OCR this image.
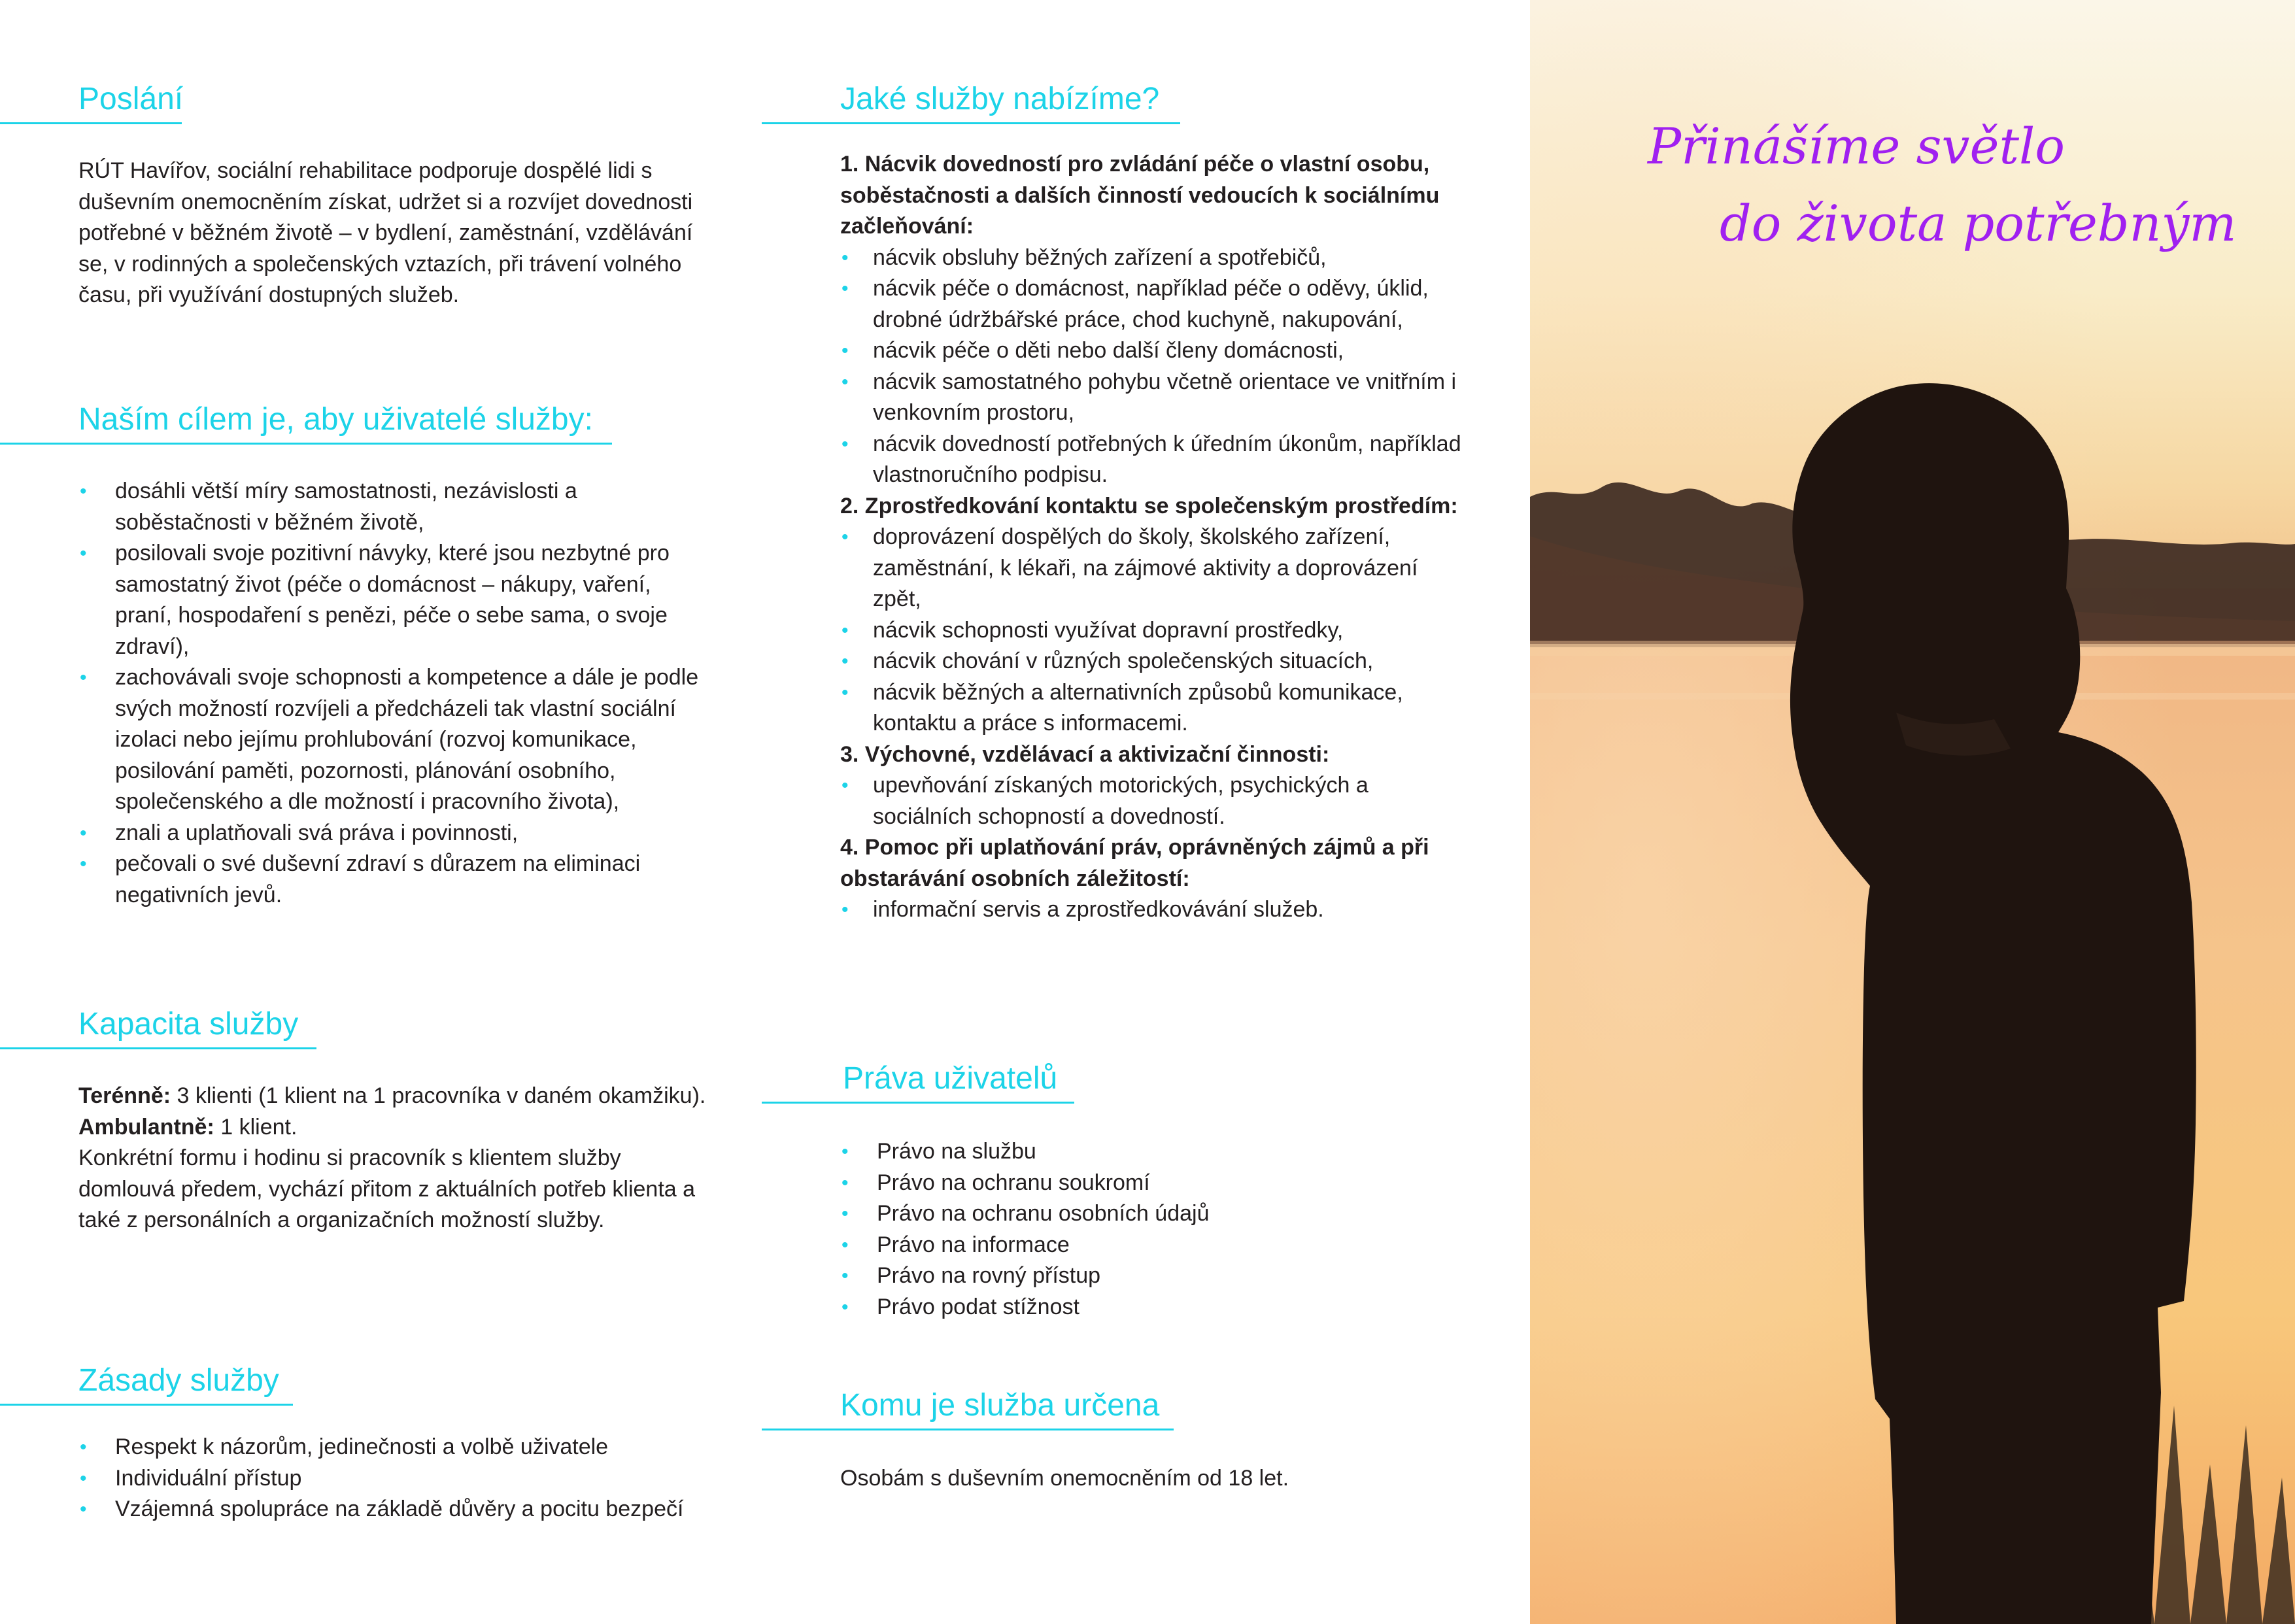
Poslání

RÚT Havířov, sociální rehabilitace podporuje dospělé lidi s duševním onemocněním získat, udržet si a rozvíjet dovednosti potřebné v běžném životě – v bydlení, zaměstnání, vzdělávání se, v rodinných a společenských vztazích, při trávení volného času, při využívání dostupných služeb.

Naším cílem je, aby uživatelé služby:
• dosáhli větší míry samostatnosti, nezávislosti a soběstačnosti v běžném životě,
• posilovali svoje pozitivní návyky, které jsou nezbytné pro samostatný život (péče o domácnost – nákupy, vaření, praní, hospodaření s penězi, péče o sebe sama, o svoje zdraví),
• zachovávali svoje schopnosti a kompetence a dále je podle svých možností rozvíjeli a předcházeli tak vlastní sociální izolaci nebo jejímu prohlubování (rozvoj komunikace, posilování paměti, pozornosti, plánování osobního, společenského a dle možností i pracovního života),
• znali a uplatňovali svá práva i povinnosti,
• pečovali o své duševní zdraví s důrazem na eliminaci negativních jevů.
Kapacita služby

Terénně: 3 klienti (1 klient na 1 pracovníka v daném okamžiku).

Ambulantně: 1 klient.

Konkrétní formu i hodinu si pracovník s klientem služby domlouvá předem, vychází přitom z aktuálních potřeb klienta a také z personálních a organizačních možností služby.

Zásady služby
• Respekt k názorům, jedinečnosti a volbě uživatele
• Individuální přístup
• Vzájemná spolupráce na základě důvěry a pocitu bezpečí
Jaké služby nabízíme?

1. Nácvik dovedností pro zvládání péče o vlastní osobu, soběstačnosti a dalších činností vedoucích k sociálnímu začleňování:

• nácvik obsluhy běžných zařízení a spotřebičů,
• nácvik péče o domácnost, například péče o oděvy, úklid, drobné údržbářské práce, chod kuchyně, nakupování,
• nácvik péče o děti nebo další členy domácnosti,
• nácvik samostatného pohybu včetně orientace ve vnitřním i venkovním prostoru,
• nácvik dovedností potřebných k úředním úkonům, například vlastnoručního podpisu.

2. Zprostředkování kontaktu se společenským prostředím:

• doprovázení dospělých do školy, školského zařízení, zaměstnání, k lékaři, na zájmové aktivity a doprovázení zpět,
• nácvik schopnosti využívat dopravní prostředky,
• nácvik chování v různých společenských situacích,
• nácvik běžných a alternativních způsobů komunikace, kontaktu a práce s informacemi.

3. Výchovné, vzdělávací a aktivizační činnosti:

• upevňování získaných motorických, psychických a sociálních schopností a dovedností.

4. Pomoc při uplatňování práv, oprávněných zájmů a při obstarávání osobních záležitostí:

• informační servis a zprostředkovávání služeb.
Práva uživatelů
• Právo na službu
• Právo na ochranu soukromí
• Právo na ochranu osobních údajů
• Právo na informace
• Právo na rovný přístup
• Právo podat stížnost
Komu je služba určena

Osobám s duševním onemocněním od 18 let.

Přinášíme světlo
do života potřebným
